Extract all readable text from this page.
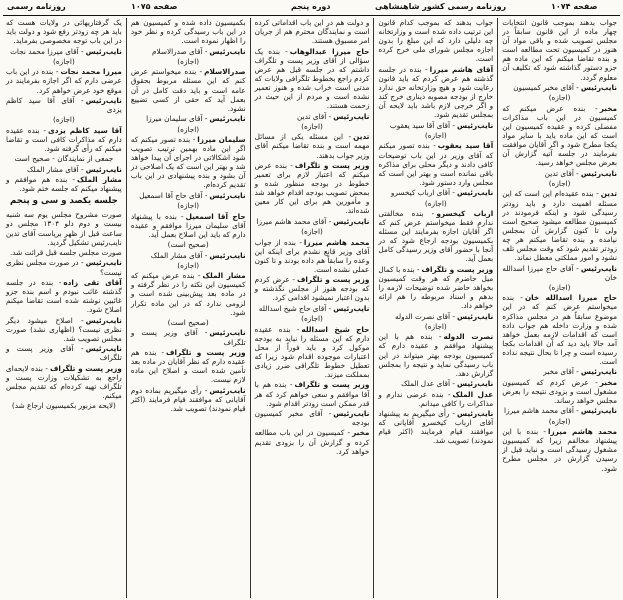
روزنامه رسمی	صفحه ۱۰۷۵	دوره پنجم	روزنامه رسمی کشور شاهنشاهی	صفحه ۱۰۷۴

جواب بدهند بموجب قانون انتخابات چهار ماده از این قانون سابقاً در مجلس تصویب شده و باقی مواد آن هنوز در کمیسیون تحت مطالعه است و بنده تقاضا میکنم که این ماده هم جزو دستور گذاشته شود که تکلیف آن معلوم گردد.

نایب‌رئیس- آقای مخبر کمیسیون

(اجازه)

مخبر- بنده عرض میکنم که کمیسیون در این باب مذاکرات مفصلی کرده و عقیده کمیسیون این است که این ماده باید با سایر مواد یکجا مطرح شود و اگر آقایان موافقت بفرمایند در جلسه آتیه گزارش آن بعرض مجلس خواهد رسید.

نایب‌رئیس- آقای تدین

(اجازه)

تدین- بنده عقیده‌ام این است که این مسئله اهمیت دارد و باید زودتر رسیدگی شود و اینکه فرمودند در کمیسیون مطالعه میشود صحیح است ولی تا کنون گزارش آن بمجلس نیامده و بنده تقاضا میکنم هر چه زودتر تقدیم شود که وقت مجلس تلف نشود و امور مملکتی معطل نماند.

نایب‌رئیس- آقای حاج میرزا اسدالله خان

(اجازه)

حاج میرزا اسدالله خان- بنده میخواستم عرض کنم که در این موضوع سابقاً هم در مجلس مذاکره شده و وزارت داخله هم جواب داده است که اقدامات لازمه بعمل خواهد آمد حالا باید دید که آن اقدامات بکجا رسیده است و چرا تا بحال نتیجه نداده است.

نایب‌رئیس- آقای مخبر

مخبر- عرض کردم که کمیسیون مشغول است و بزودی نتیجه را بعرض مجلس خواهد رساند.

نایب‌رئیس- آقای محمد هاشم میرزا

(اجازه)

محمد هاشم میرزا- بنده با این پیشنهاد مخالفم زیرا که کمیسیون مشغول رسیدگی است و نباید قبل از رسیدن گزارش در مجلس مطرح شود.

جواب بدهند که بموجب کدام قانون این ترتیب داده شده است و وزارتخانه چه دلیلی دارد که این مبلغ را بدون اجازه مجلس شورای ملی خرج کرده است.

آقای هاشم میرزا- بنده در جلسه گذشته هم عرض کردم که باید قانون رعایت شود و هیچ وزارتخانه حق ندارد خارج از بودجه مصوبه دیناری خرج کند و اگر خرجی لازم باشد باید لایحه آن بمجلس تقدیم شود.

نایب‌رئیس- آقای آقا سید یعقوب

(اجازه)

آقا سید یعقوب- بنده تصور میکنم که آقای وزیر در این باب توضیحات کافی دادند و دیگر محلی برای مذاکره باقی نمانده است و بهتر این است که مجلس وارد دستور شود.

نایب‌رئیس- آقای ارباب کیخسرو

(اجازه)

ارباب کیخسرو- بنده مخالفتی ندارم فقط میخواستم عرض کنم که اگر آقایان اجازه بفرمایند این مسئله بکمیسیون بودجه ارجاع شود که در آنجا با حضور آقای وزیر رسیدگی کامل بعمل آید.

وزیر پست و تلگراف- بنده با کمال میل حاضرم که هر وقت کمیسیون بخواهد حاضر شده توضیحات لازمه را بدهم و اسناد مربوطه را هم ارائه خواهم داد.

نایب‌رئیس- آقای نصرت الدوله

(اجازه)

نصرت الدوله- بنده هم با این پیشنهاد موافقم و عقیده دارم که کمیسیون بودجه بهتر میتواند در این باب رسیدگی نماید و نتیجه را بمجلس گزارش دهد.

نایب‌رئیس- آقای عدل الملک

عدل الملک- بنده عرضی ندارم و مذاکرات را کافی میدانم.

نایب‌رئیس- رأی میگیریم به پیشنهاد آقای ارباب کیخسرو آقایانی که موافقند قیام فرمایند (اکثر قیام نمودند) تصویب شد.

و دولت هم در این باب اقداماتی کرده است و نمایندگان محترم هم از جریان امر مسبوق هستند.

حاج میرزا عبدالوهاب- بنده یک سؤالی از آقای وزیر پست و تلگراف داشتم که در جلسه قبل هم عرض کردم راجع بخطوط تلگرافی ولایات که مدتی است خراب شده و هنوز تعمیر نشده است و مردم از این حیث در زحمت هستند.

نایب‌رئیس- آقای تدین

(اجازه)

تدین- این مسئله یکی از مسائل مهمه است و بنده تقاضا میکنم آقای وزیر جواب بدهند.

وزیر پست و تلگراف- بنده عرض میکنم که اعتبار لازم برای تعمیر خطوط در بودجه منظور شده و بمحض تصویب بودجه اقدام خواهد شد و مأمورین هم برای این کار معین شده‌اند.

نایب‌رئیس- آقای محمد هاشم میرزا

(اجازه)

محمد هاشم میرزا- بنده از جواب آقای وزیر قانع نشدم برای اینکه این وعده را سابقاً هم داده بودند و تا کنون عملی نشده است.

وزیر پست و تلگراف- عرض کردم که بودجه هنوز از مجلس نگذشته و بدون اعتبار نمیشود اقدامی کرد.

نایب‌رئیس- آقای حاج شیخ اسدالله

(اجازه)

حاج شیخ اسدالله- بنده عقیده دارم که این مسئله را نباید به بودجه موکول کرد و باید فوراً از محل اعتبارات موجوده اقدام شود زیرا که تعطیل خطوط تلگرافی ضرر زیادی بمملکت میزند.

وزیر پست و تلگراف- بنده هم با آقا موافقم و سعی خواهم کرد که هر قدر ممکن است زودتر اقدام شود.

نایب‌رئیس- آقای مخبر کمیسیون بودجه

مخبر- کمیسیون در این باب مطالعه کرده و گزارش آن را بزودی تقدیم خواهد کرد.

بکمیسیون داده شده و کمیسیون هم در این باب رسیدگی کرده و نظر خود را اظهار نموده است.

نایب‌رئیس- آقای صدرالاسلام

(اجازه)

صدرالاسلام- بنده میخواستم عرض کنم که این مسئله مربوط بحقوق عامه است و باید دقت کامل در آن بعمل آید که حقی از کسی تضییع نشود.

نایب‌رئیس- آقای سلیمان میرزا

(اجازه)

سلیمان میرزا- بنده تصور میکنم که اگر این ماده بهمین ترتیب تصویب شود اشکالاتی در اجرای آن پیدا خواهد شد و بهتر این است که یک اصلاحی در آن بشود و بنده پیشنهادی در این باب تقدیم کرده‌ام.

نایب‌رئیس- آقای حاج آقا اسمعیل

(اجازه)

حاج آقا اسمعیل- بنده با پیشنهاد آقای سلیمان میرزا موافقم و عقیده دارم که باید این اصلاح بعمل آید.

(صحیح است)

نایب‌رئیس- آقای مشار الملک

(اجازه)

مشار الملک- بنده عرض میکنم که کمیسیون این نکته را در نظر گرفته و در ماده بعد پیش‌بینی شده است و لزومی ندارد که در این ماده تکرار شود.

(صحیح است)

نایب‌رئیس- آقای وزیر پست و تلگراف

وزیر پست و تلگراف- بنده هم عقیده دارم که نظر آقایان در ماده بعد تأمین شده است و اصلاح این ماده لازم نیست.

نایب‌رئیس- رأی میگیریم بماده دوم آقایانی که موافقند قیام فرمایند (اکثر قیام نمودند) تصویب شد.

یک گرفتاریهائی در ولایات هست که باید هر چه زودتر رفع شود و دولت باید در این باب توجه مخصوصی بفرماید.

نایب‌رئیس- آقای میرزا محمد نجات

(اجازه)

میرزا محمد نجات- بنده در این باب عرضی دارم که اگر اجازه بفرمایند در موقع خود عرض خواهم کرد.

نایب‌رئیس- آقای آقا سید کاظم یزدی

(اجازه)

آقا سید کاظم یزدی- بنده عقیده دارم که مذاکرات کافی است و تقاضا میکنم که رأی گرفته شود.

جمعی از نمایندگان - صحیح است

نایب‌رئیس- آقای مشار الملک

مشار الملک- بنده هم موافقم و پیشنهاد میکنم که جلسه ختم شود.

جلسه یکصد و سی و پنجم

صورت مشروح مجلس یوم سه شنبه بیست و دوم دلو ۱۳۰۴ مجلس دو ساعت قبل از ظهر بریاست آقای تدین نایب‌رئیس تشکیل گردید.

صورت مجلس جلسه قبل قرائت شد.

نایب‌رئیس- در صورت مجلس نظری نیست؟

آقای تقی زاده- بنده در جلسه گذشته غائب نبودم و اسم بنده جزو غائبین نوشته شده است تقاضا میکنم اصلاح شود.

نایب‌رئیس- اصلاح میشود دیگر نظری نیست؟ (اظهاری نشد) صورت مجلس تصویب شد.

نایب‌رئیس- آقای وزیر پست و تلگراف

وزیر پست و تلگراف- بنده لایحه‌ای راجع به تشکیلات وزارت پست و تلگراف تهیه کرده‌ام که تقدیم مجلس میکنم.

(لایحه مزبور بکمیسیون ارجاع شد)
